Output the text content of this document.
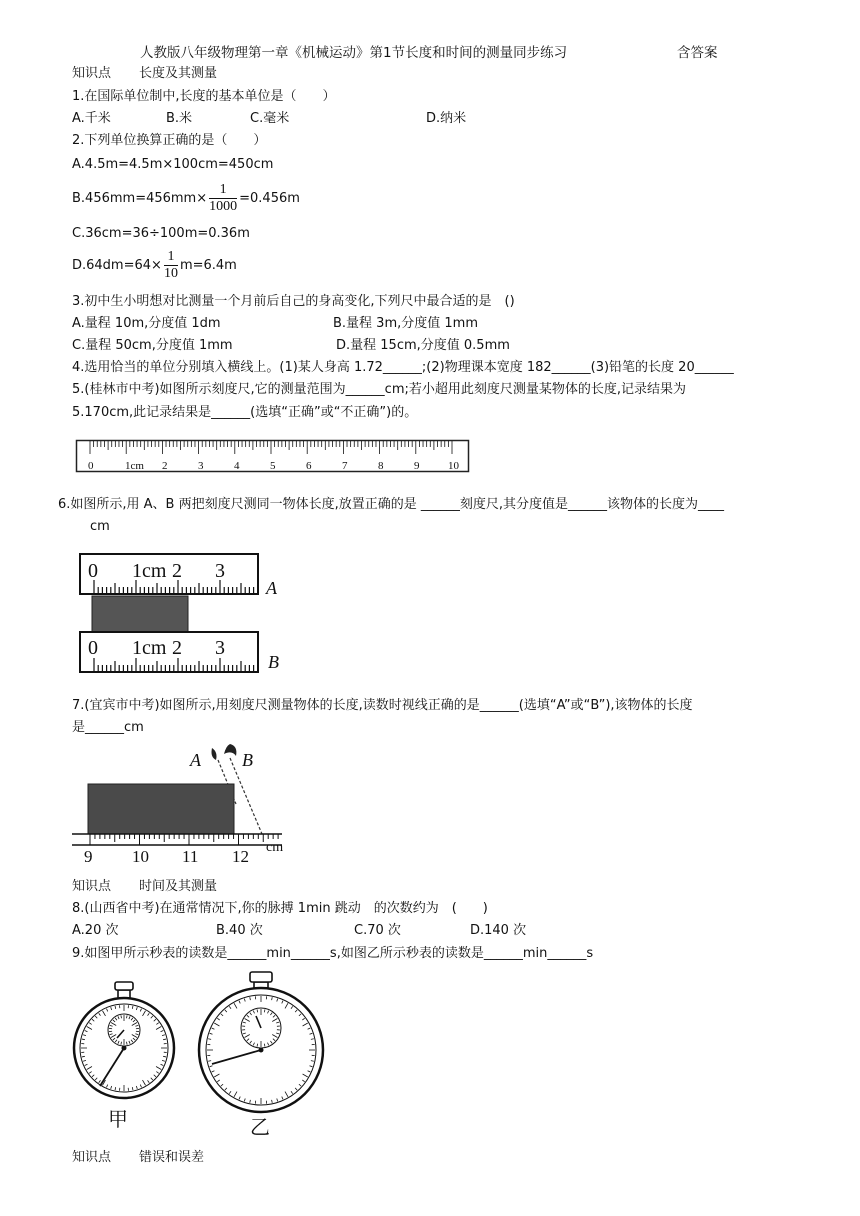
人教版八年级物理第一章《机械运动》第1节长度和时间的测量同步练习	含答案
知识点 长度及其测量
1.在国际单位制中,长度的基本单位是（　　）
A.千米	B.米	C.毫米	D.纳米
2.下列单位换算正确的是（　　）
A.4.5m=4.5m×100cm=450cm
$B.456mm=456mm\times \frac{1}{1000} =0.456m$
C.36cm=36÷100m=0.36m
$D.64dm=64\times \frac{1}{10} m=6.4m$
3.初中生小明想对比测量一个月前后自己的身高变化,下列尺中最合适的是　()
A.量程 10m,分度值 1dm	B.量程 3m,分度值 1mm
C.量程 50cm,分度值 1mm	D.量程 15cm,分度值 0.5mm
4.选用恰当的单位分别填入横线上。(1)某人身高 1.72______;(2)物理课本宽度 182______(3)铅笔的长度 20______
5.(桂林市中考)如图所示刻度尺,它的测量范围为______cm;若小超用此刻度尺测量某物体的长度,记录结果为
5.170cm,此记录结果是______(选填“正确”或“不正确”)的。
0	1cm 2	3	4	5	6	7	8	9	10
6.如图所示,用 A、B 两把刻度尺测同一物体长度,放置正确的是 ______刻度尺,其分度值是______该物体的长度为____
cm
0 1cm 2 3
A
0 1cm 2 3
B
7.(宜宾市中考)如图所示,用刻度尺测量物体的长度,读数时视线正确的是______(选填“A”或“B”),该物体的长度
是______cm
A B
9 10 11 12 cm
知识点 时间及其测量
8.(山西省中考)在通常情况下,你的脉搏 1min 跳动　的次数约为　(　　)
A.20 次	B.40 次	C.70 次	D.140 次
9.如图甲所示秒表的读数是______min______s,如图乙所示秒表的读数是______min______s
甲	乙
知识点 错误和误差
